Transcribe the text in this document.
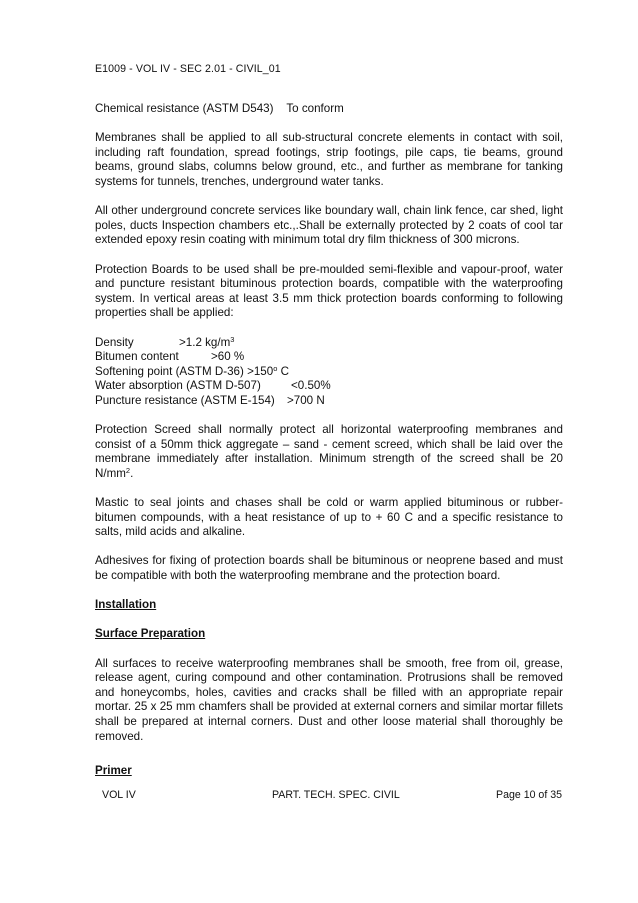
E1009 - VOL IV - SEC 2.01 - CIVIL_01

Chemical resistance (ASTM D543) To conform

Membranes shall be applied to all sub-structural concrete elements in contact with soil, including raft foundation, spread footings, strip footings, pile caps, tie beams, ground beams, ground slabs, columns below ground, etc., and further as membrane for tanking systems for tunnels, trenches, underground water tanks.

All other underground concrete services like boundary wall, chain link fence, car shed, light poles, ducts Inspection chambers etc.,.Shall be externally protected by 2 coats of cool tar extended epoxy resin coating with minimum total dry film thickness of 300 microns.

Protection Boards to be used shall be pre-moulded semi-flexible and vapour-proof, water and puncture resistant bituminous protection boards, compatible with the waterproofing system. In vertical areas at least 3.5 mm thick protection boards conforming to following properties shall be applied:

Density	>1.2 $kg/m^3$
Bitumen content	>60 %
Softening point (ASTM $D-36) >150^o$ C
Water absorption (ASTM D-507)	<0.50%
Puncture resistance (ASTM E-154) >700 N

Protection Screed shall normally protect all horizontal waterproofing membranes and consist of a 50mm thick aggregate – sand - cement screed, which shall be laid over the membrane immediately after installation. Minimum strength of the screed shall be 20 $N/mm^2$.

Mastic to seal joints and chases shall be cold or warm applied bituminous or rubber-bitumen compounds, with a heat resistance of up to + 60 C and a specific resistance to salts, mild acids and alkaline.

Adhesives for fixing of protection boards shall be bituminous or neoprene based and must be compatible with both the waterproofing membrane and the protection board.

Installation
Surface Preparation

All surfaces to receive waterproofing membranes shall be smooth, free from oil, grease, release agent, curing compound and other contamination. Protrusions shall be removed and honeycombs, holes, cavities and cracks shall be filled with an appropriate repair mortar. 25 x 25 mm chamfers shall be provided at external corners and similar mortar fillets shall be prepared at internal corners. Dust and other loose material shall thoroughly be removed.

Primer
VOL IV	PART. TECH. SPEC. CIVIL	Page 10 of 35
